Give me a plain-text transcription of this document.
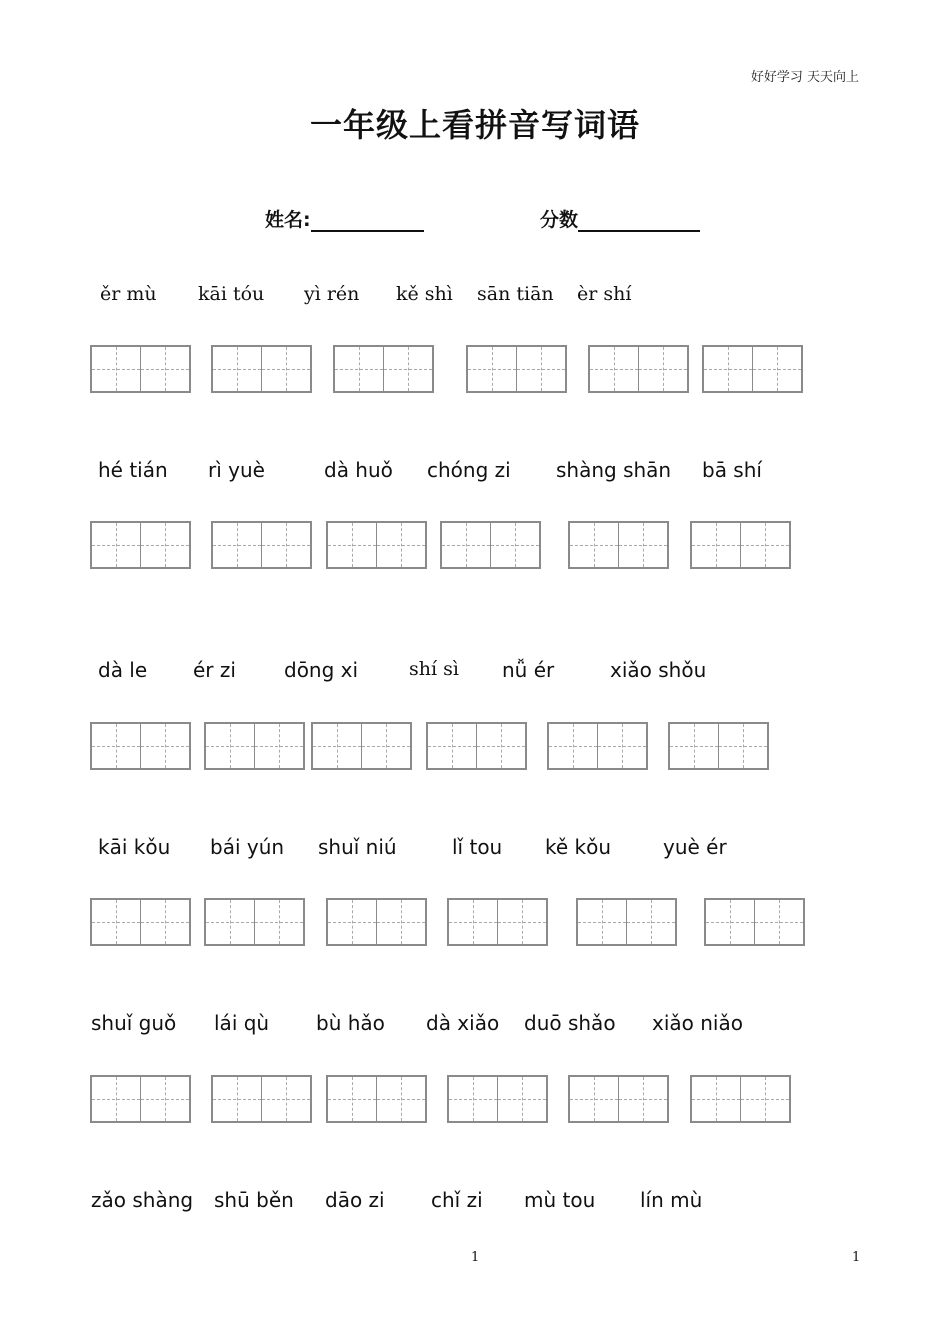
好好学习 天天向上
一年级上看拼音写词语
姓名:	分数
ěr mù kāi tóu yì rén kě shì sān tiān èr shí
hé tián rì yuè	dà huǒ chóng zi shàng shān bā shí
dà le ér zi dōng xi	shí sì nǚ ér	xiǎo shǒu
kāi kǒu bái yún shuǐ niú	lǐ tou kě kǒu	yuè ér
shuǐ guǒ lái qù bù hǎo dà xiǎo duō shǎo xiǎo niǎo
zǎo shàng shū běn dāo zi chǐ zi mù tou lín mù
1	1
